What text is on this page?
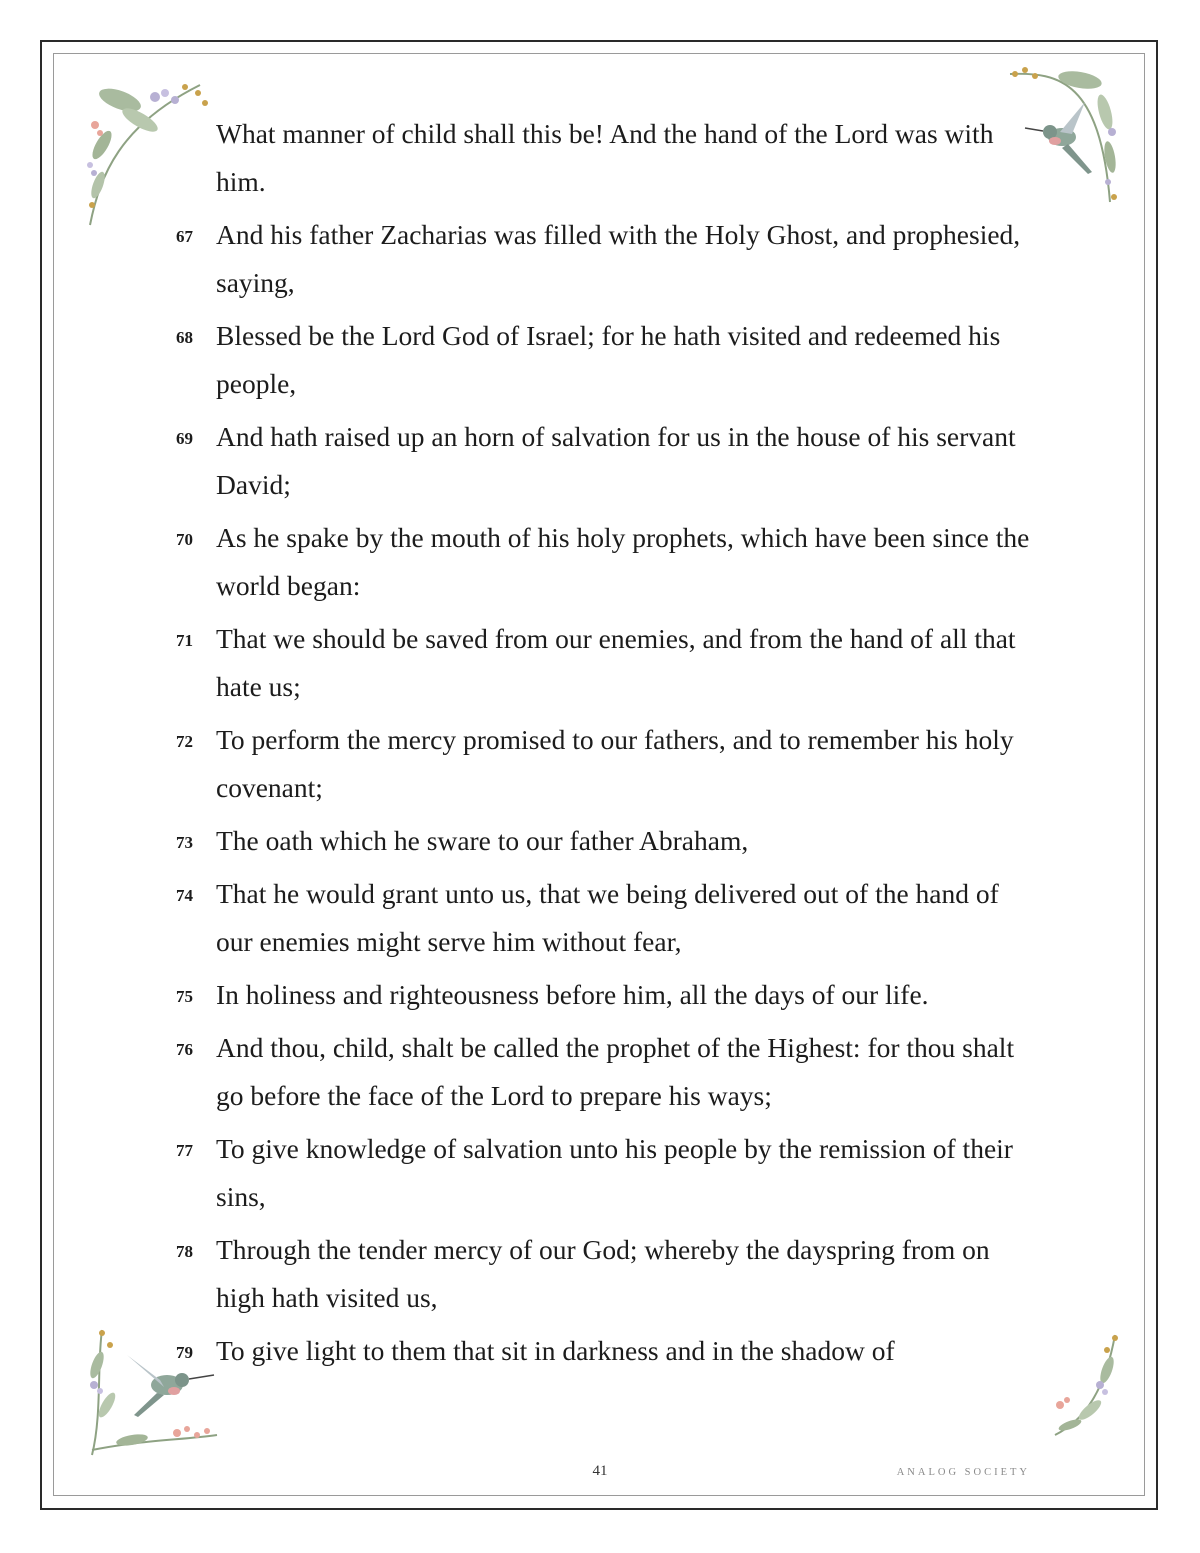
What manner of child shall this be! And the hand of the Lord was with him.
67 And his father Zacharias was filled with the Holy Ghost, and prophesied, saying,
68 Blessed be the Lord God of Israel; for he hath visited and redeemed his people,
69 And hath raised up an horn of salvation for us in the house of his servant David;
70 As he spake by the mouth of his holy prophets, which have been since the world began:
71 That we should be saved from our enemies, and from the hand of all that hate us;
72 To perform the mercy promised to our fathers, and to remember his holy covenant;
73 The oath which he sware to our father Abraham,
74 That he would grant unto us, that we being delivered out of the hand of our enemies might serve him without fear,
75 In holiness and righteousness before him, all the days of our life.
76 And thou, child, shalt be called the prophet of the Highest: for thou shalt go before the face of the Lord to prepare his ways;
77 To give knowledge of salvation unto his people by the remission of their sins,
78 Through the tender mercy of our God; whereby the dayspring from on high hath visited us,
79 To give light to them that sit in darkness and in the shadow of
41	ANALOG SOCIETY
